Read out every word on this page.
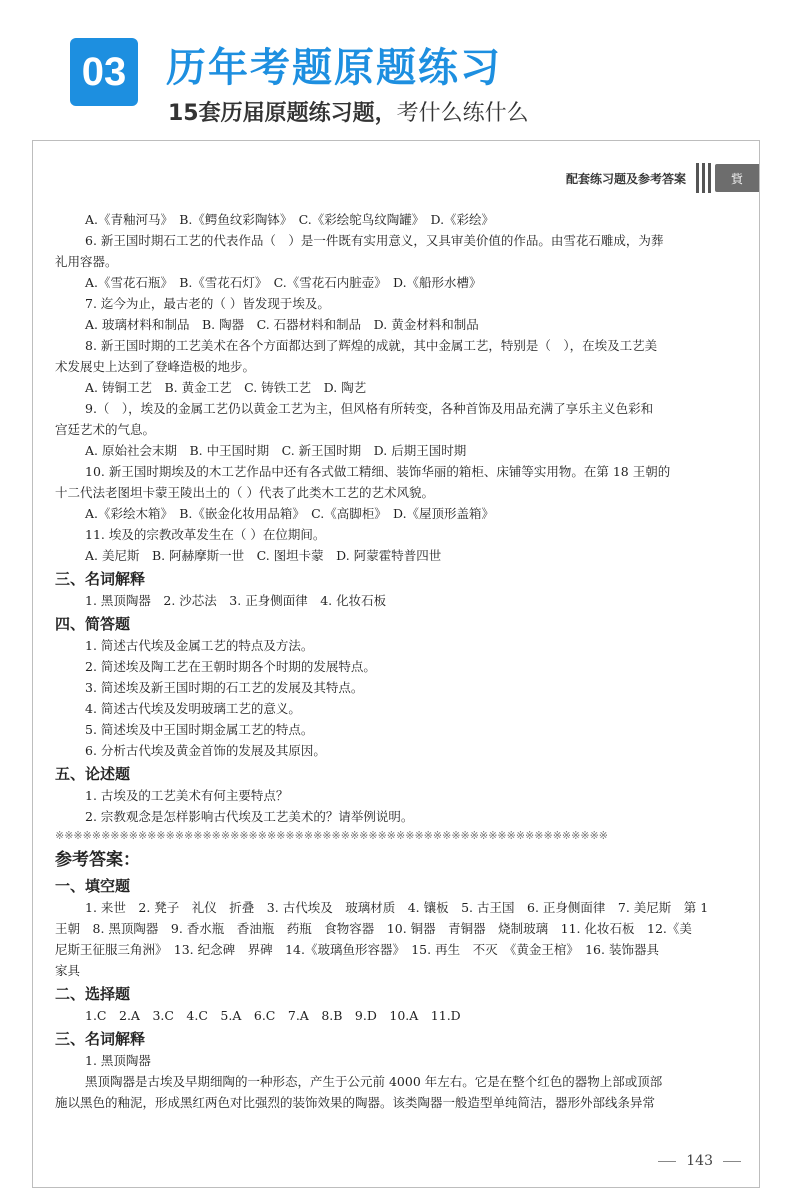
03 历年考题原题练习
15套历届原题练习题，考什么练什么
配套练习题及参考答案	貲
A.《青釉河马》　B.《鳄鱼纹彩陶钵》　C.《彩绘鸵鸟纹陶罐》　D.《彩绘》
6. 新王国时期石工艺的代表作品（　）是一件既有实用意义，又具审美价值的作品。由雪花石雕成，为葬
礼用容器。
A.《雪花石瓶》　B.《雪花石灯》　C.《雪花石内脏壶》　D.《船形水槽》
7. 迄今为止，最古老的（ ）皆发现于埃及。
A. 玻璃材料和制品　B. 陶器　C. 石器材料和制品　D. 黄金材料和制品
8. 新王国时期的工艺美术在各个方面都达到了辉煌的成就，其中金属工艺，特别是（　），在埃及工艺美
术发展史上达到了登峰造极的地步。
A. 铸铜工艺　B. 黄金工艺　C. 铸铁工艺　D. 陶艺
9.（　），埃及的金属工艺仍以黄金工艺为主，但风格有所转变，各种首饰及用品充满了享乐主义色彩和
宫廷艺术的气息。
A. 原始社会末期　B. 中王国时期　C. 新王国时期　D. 后期王国时期
10. 新王国时期埃及的木工艺作品中还有各式做工精细、装饰华丽的箱柜、床铺等实用物。在第 18 王朝的
十二代法老图坦卡蒙王陵出土的（ ）代表了此类木工艺的艺术风貌。
A.《彩绘木箱》　B.《嵌金化妆用品箱》　C.《高脚柜》　D.《屋顶形盖箱》
11. 埃及的宗教改革发生在（ ）在位期间。
A. 美尼斯　B. 阿赫摩斯一世　C. 图坦卡蒙　D. 阿蒙霍特普四世
三、名词解释
1. 黑顶陶器　2. 沙芯法　3. 正身侧面律　4. 化妆石板
四、简答题
1. 简述古代埃及金属工艺的特点及方法。
2. 简述埃及陶工艺在王朝时期各个时期的发展特点。
3. 简述埃及新王国时期的石工艺的发展及其特点。
4. 简述古代埃及发明玻璃工艺的意义。
5. 简述埃及中王国时期金属工艺的特点。
6. 分析古代埃及黄金首饰的发展及其原因。
五、论述题
1. 古埃及的工艺美术有何主要特点？
2. 宗教观念是怎样影响古代埃及工艺美术的？请举例说明。
※※※※※※※※※※※※※※※※※※※※※※※※※※※※※※※※※※※※※※※※※※※※※※※※※※※※※※※※※※※※
参考答案：
一、填空题
1. 来世　2. 凳子　礼仪　折叠　3. 古代埃及　玻璃材质　4. 镶板　5. 古王国　6. 正身侧面律　7. 美尼斯　第 1
王朝　8. 黑顶陶器　9. 香水瓶　香油瓶　药瓶　食物容器　10. 铜器　青铜器　烧制玻璃　11. 化妆石板　12.《美
尼斯王征服三角洲》　13. 纪念碑　界碑　14.《玻璃鱼形容器》　15. 再生　不灭　《黄金王棺》　16. 装饰器具
家具
二、选择题
1.C　2.A　3.C　4.C　5.A　6.C　7.A　8.B　9.D　10.A　11.D
三、名词解释
1. 黑顶陶器
黑顶陶器是古埃及早期细陶的一种形态，产生于公元前 4000 年左右。它是在整个红色的器物上部或顶部
施以黑色的釉泥，形成黑红两色对比强烈的装饰效果的陶器。该类陶器一般造型单纯简洁，器形外部线条异常
143
